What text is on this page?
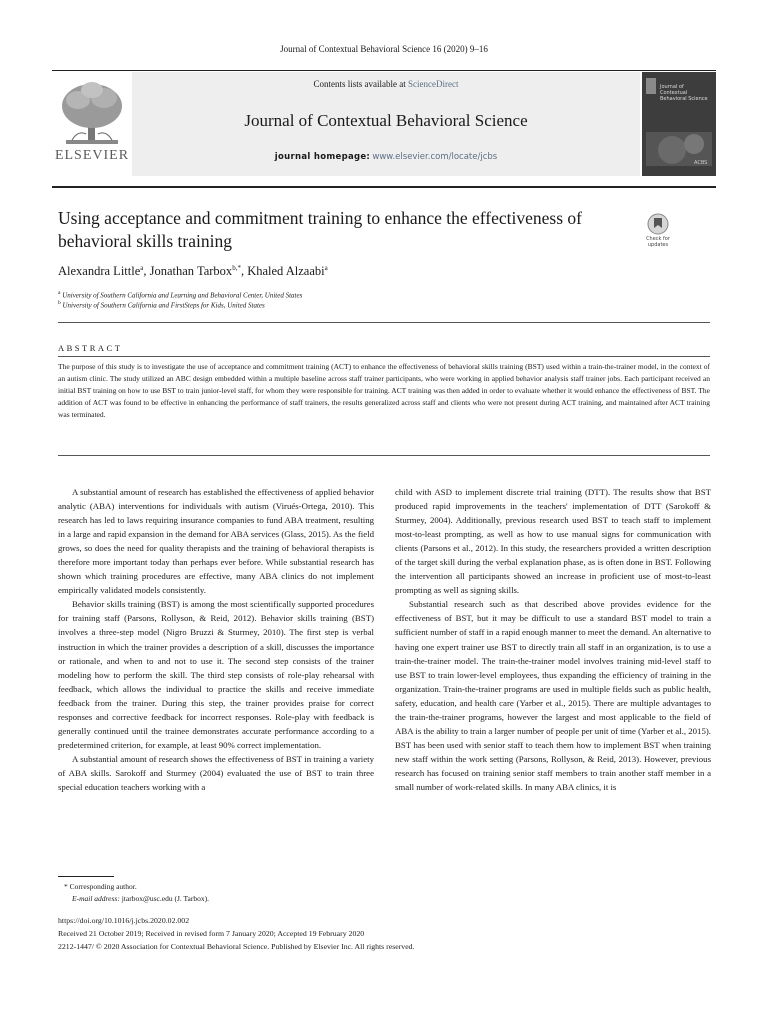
Journal of Contextual Behavioral Science 16 (2020) 9–16
ELSEVIER
Contents lists available at ScienceDirect
Journal of Contextual Behavioral Science
journal homepage: www.elsevier.com/locate/jcbs
Journal of Contextual Behavioral Science
ACBS
Using acceptance and commitment training to enhance the effectiveness of behavioral skills training	Check for updates
Alexandra Little$^a$, Jonathan Tarbox$^{b,*}$, Khaled Alzaabi$^a$
$^a$ University of Southern California and Learning and Behavioral Center, United States
$^b$ University of Southern California and FirstSteps for Kids, United States
ABSTRACT
The purpose of this study is to investigate the use of acceptance and commitment training (ACT) to enhance the effectiveness of behavioral skills training (BST) used within a train-the-trainer model, in the context of an autism clinic. The study utilized an ABC design embedded within a multiple baseline across staff trainer participants, who were working in applied behavior analysis staff trainer jobs. Each participant received an initial BST training on how to use BST to train junior-level staff, for whom they were responsible for training. ACT training was then added in order to evaluate whether it would enhance the effectiveness of BST. The addition of ACT was found to be effective in enhancing the performance of staff trainers, the results generalized across staff and clients who were not present during ACT training, and maintained after ACT training was terminated.

A substantial amount of research has established the effectiveness of applied behavior analytic (ABA) interventions for individuals with autism (Virués-Ortega, 2010). This research has led to laws requiring insurance companies to fund ABA treatment, resulting in a large and rapid expansion in the demand for ABA services (Glass, 2015). As the field grows, so does the need for quality therapists and the training of behavioral therapists is therefore more important today than perhaps ever before. While substantial research has shown which training procedures are effective, many ABA clinics do not implement empirically validated models consistently.

Behavior skills training (BST) is among the most scientifically supported procedures for training staff (Parsons, Rollyson, & Reid, 2012). Behavior skills training (BST) involves a three-step model (Nigro Bruzzi & Sturmey, 2010). The first step is verbal instruction in which the trainer provides a description of a skill, discusses the importance or rationale, and when to and not to use it. The second step consists of the trainer modeling how to perform the skill. The third step consists of role-play rehearsal with feedback, which allows the individual to practice the skills and receive immediate feedback from the trainer. During this step, the trainer provides praise for correct responses and corrective feedback for incorrect responses. Role-play with feedback is generally continued until the trainee demonstrates accurate performance according to a predetermined criterion, for example, at least 90% correct implementation.

A substantial amount of research shows the effectiveness of BST in training a variety of ABA skills. Sarokoff and Sturmey (2004) evaluated the use of BST to train three special education teachers working with a

child with ASD to implement discrete trial training (DTT). The results show that BST produced rapid improvements in the teachers' implementation of DTT (Sarokoff & Sturmey, 2004). Additionally, previous research used BST to teach staff to implement most-to-least prompting, as well as how to use manual signs for communication with clients (Parsons et al., 2012). In this study, the researchers provided a written description of the target skill during the verbal explanation phase, as is often done in BST. Following the intervention all participants showed an increase in proficient use of most-to-least prompting as well as signing skills.

Substantial research such as that described above provides evidence for the effectiveness of BST, but it may be difficult to use a standard BST model to train a sufficient number of staff in a rapid enough manner to meet the demand. An alternative to having one expert trainer use BST to directly train all staff in an organization, is to use a train-the-trainer model. The train-the-trainer model involves training mid-level staff to use BST to train lower-level employees, thus expanding the efficiency of training in the organization. Train-the-trainer programs are used in multiple fields such as public health, safety, education, and health care (Yarber et al., 2015). There are multiple advantages to the train-the-trainer programs, however the largest and most applicable to the field of ABA is the ability to train a larger number of people per unit of time (Yarber et al., 2015). BST has been used with senior staff to teach them how to implement BST when training new staff within the work setting (Parsons, Rollyson, & Reid, 2013). However, previous research has focused on training senior staff members to train another staff member in a small number of work-related skills. In many ABA clinics, it is

* Corresponding author.
E-mail address: jtarbox@usc.edu (J. Tarbox).
https://doi.org/10.1016/j.jcbs.2020.02.002
Received 21 October 2019; Received in revised form 7 January 2020; Accepted 19 February 2020
2212-1447/ © 2020 Association for Contextual Behavioral Science. Published by Elsevier Inc. All rights reserved.
